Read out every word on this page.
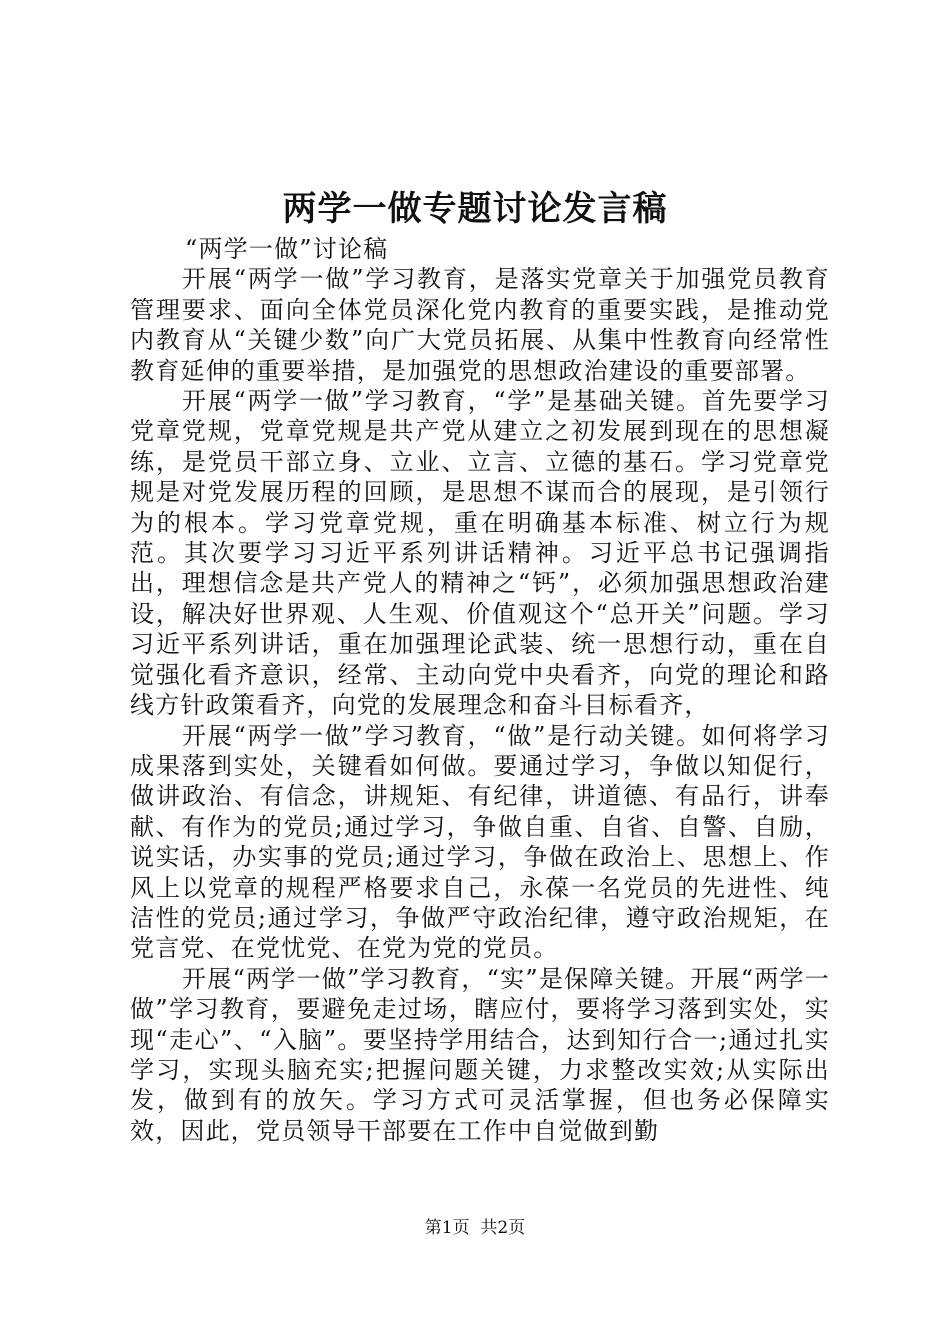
两学一做专题讨论发言稿

“两学一做”讨论稿

开展“两学一做”学习教育，是落实党章关于加强党员教育管理要求、面向全体党员深化党内教育的重要实践，是推动党内教育从“关键少数”向广大党员拓展、从集中性教育向经常性教育延伸的重要举措，是加强党的思想政治建设的重要部署。

开展“两学一做”学习教育，“学”是基础关键。首先要学习党章党规，党章党规是共产党从建立之初发展到现在的思想凝练，是党员干部立身、立业、立言、立德的基石。学习党章党规是对党发展历程的回顾，是思想不谋而合的展现，是引领行为的根本。学习党章党规，重在明确基本标准、树立行为规范。其次要学习习近平系列讲话精神。习近平总书记强调指出，理想信念是共产党人的精神之“钙”，必须加强思想政治建设，解决好世界观、人生观、价值观这个“总开关”问题。学习习近平系列讲话，重在加强理论武装、统一思想行动，重在自觉强化看齐意识，经常、主动向党中央看齐，向党的理论和路线方针政策看齐，向党的发展理念和奋斗目标看齐，

开展“两学一做”学习教育，“做”是行动关键。如何将学习成果落到实处，关键看如何做。要通过学习，争做以知促行，做讲政治、有信念，讲规矩、有纪律，讲道德、有品行，讲奉献、有作为的党员;通过学习，争做自重、自省、自警、自励，说实话，办实事的党员;通过学习，争做在政治上、思想上、作风上以党章的规程严格要求自己，永葆一名党员的先进性、纯洁性的党员;通过学习，争做严守政治纪律，遵守政治规矩，在党言党、在党忧党、在党为党的党员。

开展“两学一做”学习教育，“实”是保障关键。开展“两学一做”学习教育，要避免走过场，瞎应付，要将学习落到实处，实现“走心”、“入脑”。要坚持学用结合，达到知行合一;通过扎实学习，实现头脑充实;把握问题关键，力求整改实效;从实际出发，做到有的放矢。学习方式可灵活掌握，但也务必保障实效，因此，党员领导干部要在工作中自觉做到勤

第1页 共2页
